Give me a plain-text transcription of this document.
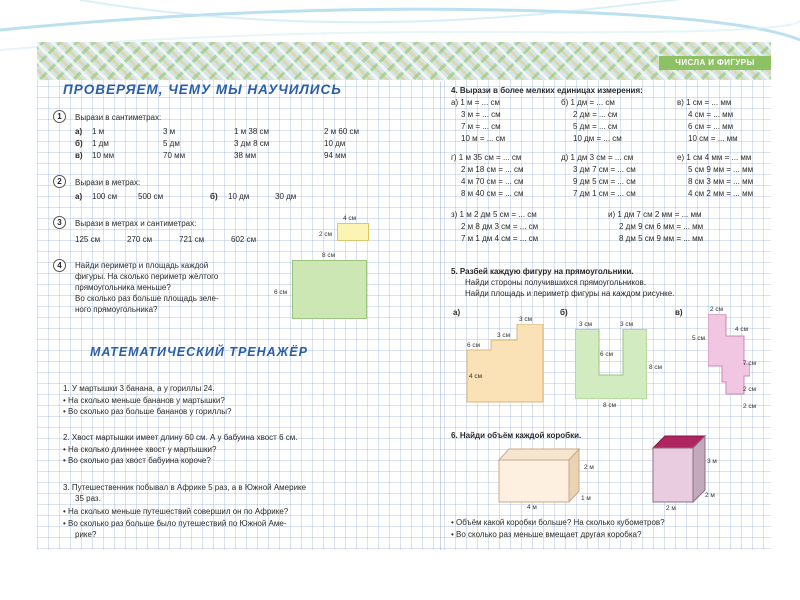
ЧИСЛА И ФИГУРЫ
ПРОВЕРЯЕМ, ЧЕМУ МЫ НАУЧИЛИСЬ
1	Вырази в сантиметрах:
а) 1 м	3 м	1 м 38 см	2 м 60 см
б) 1 дм	5 дм	3 дм 8 см	10 дм
в) 10 мм	70 мм	38 мм	94 мм
2	Вырази в метрах:
а) 100 см	500 см	б) 10 дм	30 дм
3	Вырази в метрах и сантиметрах:
125 см	270 см	721 см	602 см
4	Найди периметр и площадь каждой
фигуры. На сколько периметр жёлтого
прямоугольника меньше?
Во сколько раз больше площадь зеле-
ного прямоугольника?
4 см
2 см
8 см
6 см
МАТЕМАТИЧЕСКИЙ ТРЕНАЖЁР
1. У мартышки 3 банана, а у гориллы 24.
• На сколько меньше бананов у мартышки?
• Во сколько раз больше бананов у гориллы?
2. Хвост мартышки имеет длину 60 см. А у бабуина хвост 6 см.
• На сколько длиннее хвост у мартышки?
• Во сколько раз хвост бабуина короче?
3. Путешественник побывал в Африке 5 раз, а в Южной Америке
35 раз.
• На сколько меньше путешествий совершил он по Африке?
• Во сколько раз больше было путешествий по Южной Аме-
рике?
4. Вырази в более мелких единицах измерения:
а) 1 м = ... см	б) 1 дм = ... см	в) 1 см = ... мм
3 м = ... см	2 дм = ... см	4 см = ... мм
7 м = ... см	5 дм = ... см	6 см = ... мм
10 м = ... см	10 дм = ... см	10 см = ... мм
г) 1 м 35 см = ... см	д) 1 дм 3 см = ... см	е) 1 см 4 мм = ... мм
2 м 18 см = ... см	3 дм 7 см = ... см	5 см 9 мм = ... мм
4 м 70 см = ... см	9 дм 5 см = ... см	8 см 3 мм = ... мм
8 м 40 см = ... см	7 дм 1 см = ... см	4 см 2 мм = ... мм
з) 1 м 2 дм 5 см = ... см	и) 1 дм 7 см 2 мм = ... мм
2 м 8 дм 3 см = ... см	2 дм 9 см 6 мм = ... мм
7 м 1 дм 4 см = ... см	8 дм 5 см 9 мм = ... мм
5. Разбей каждую фигуру на прямоугольники.
Найди стороны получившихся прямоугольников.
Найди площадь и периметр фигуры на каждом рисунке.
а)	б)	в)
3 см
3 см
6 см
4 см
3 см	3 см
6 см
8 см
8 см
2 см
4 см
5 см
7 см
2 см
2 см
6. Найди объём каждой коробки.
2 м
1 м
4 м
3 м
2 м
2 м
• Объём какой коробки больше? На сколько кубометров?
• Во сколько раз меньше вмещает другая коробка?
